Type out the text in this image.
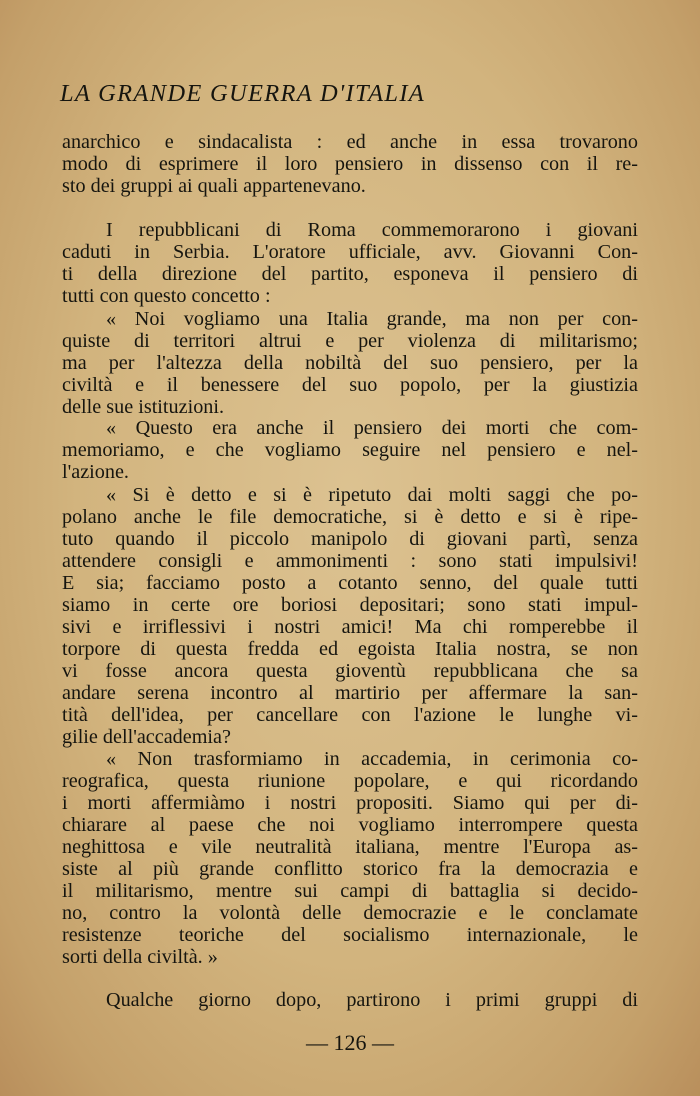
LA GRANDE GUERRA D'ITALIA
anarchico e sindacalista : ed anche in essa trovarono
modo di esprimere il loro pensiero in dissenso con il re-
sto dei gruppi ai quali appartenevano.
I repubblicani di Roma commemorarono i giovani
caduti in Serbia. L'oratore ufficiale, avv. Giovanni Con-
ti della direzione del partito, esponeva il pensiero di
tutti con questo concetto :
« Noi vogliamo una Italia grande, ma non per con-
quiste di territori altrui e per violenza di militarismo;
ma per l'altezza della nobiltà del suo pensiero, per la
civiltà e il benessere del suo popolo, per la giustizia
delle sue istituzioni.
« Questo era anche il pensiero dei morti che com-
memoriamo, e che vogliamo seguire nel pensiero e nel-
l'azione.
« Si è detto e si è ripetuto dai molti saggi che po-
polano anche le file democratiche, si è detto e si è ripe-
tuto quando il piccolo manipolo di giovani partì, senza
attendere consigli e ammonimenti : sono stati impulsivi!
E sia; facciamo posto a cotanto senno, del quale tutti
siamo in certe ore boriosi depositari; sono stati impul-
sivi e irriflessivi i nostri amici! Ma chi romperebbe il
torpore di questa fredda ed egoista Italia nostra, se non
vi fosse ancora questa gioventù repubblicana che sa
andare serena incontro al martirio per affermare la san-
tità dell'idea, per cancellare con l'azione le lunghe vi-
gilie dell'accademia?
« Non trasformiamo in accademia, in cerimonia co-
reografica, questa riunione popolare, e qui ricordando
i morti affermiàmo i nostri propositi. Siamo qui per di-
chiarare al paese che noi vogliamo interrompere questa
neghittosa e vile neutralità italiana, mentre l'Europa as-
siste al più grande conflitto storico fra la democrazia e
il militarismo, mentre sui campi di battaglia si decido-
no, contro la volontà delle democrazie e le conclamate
resistenze teoriche del socialismo internazionale, le
sorti della civiltà. »
Qualche giorno dopo, partirono i primi gruppi di
— 126 —
